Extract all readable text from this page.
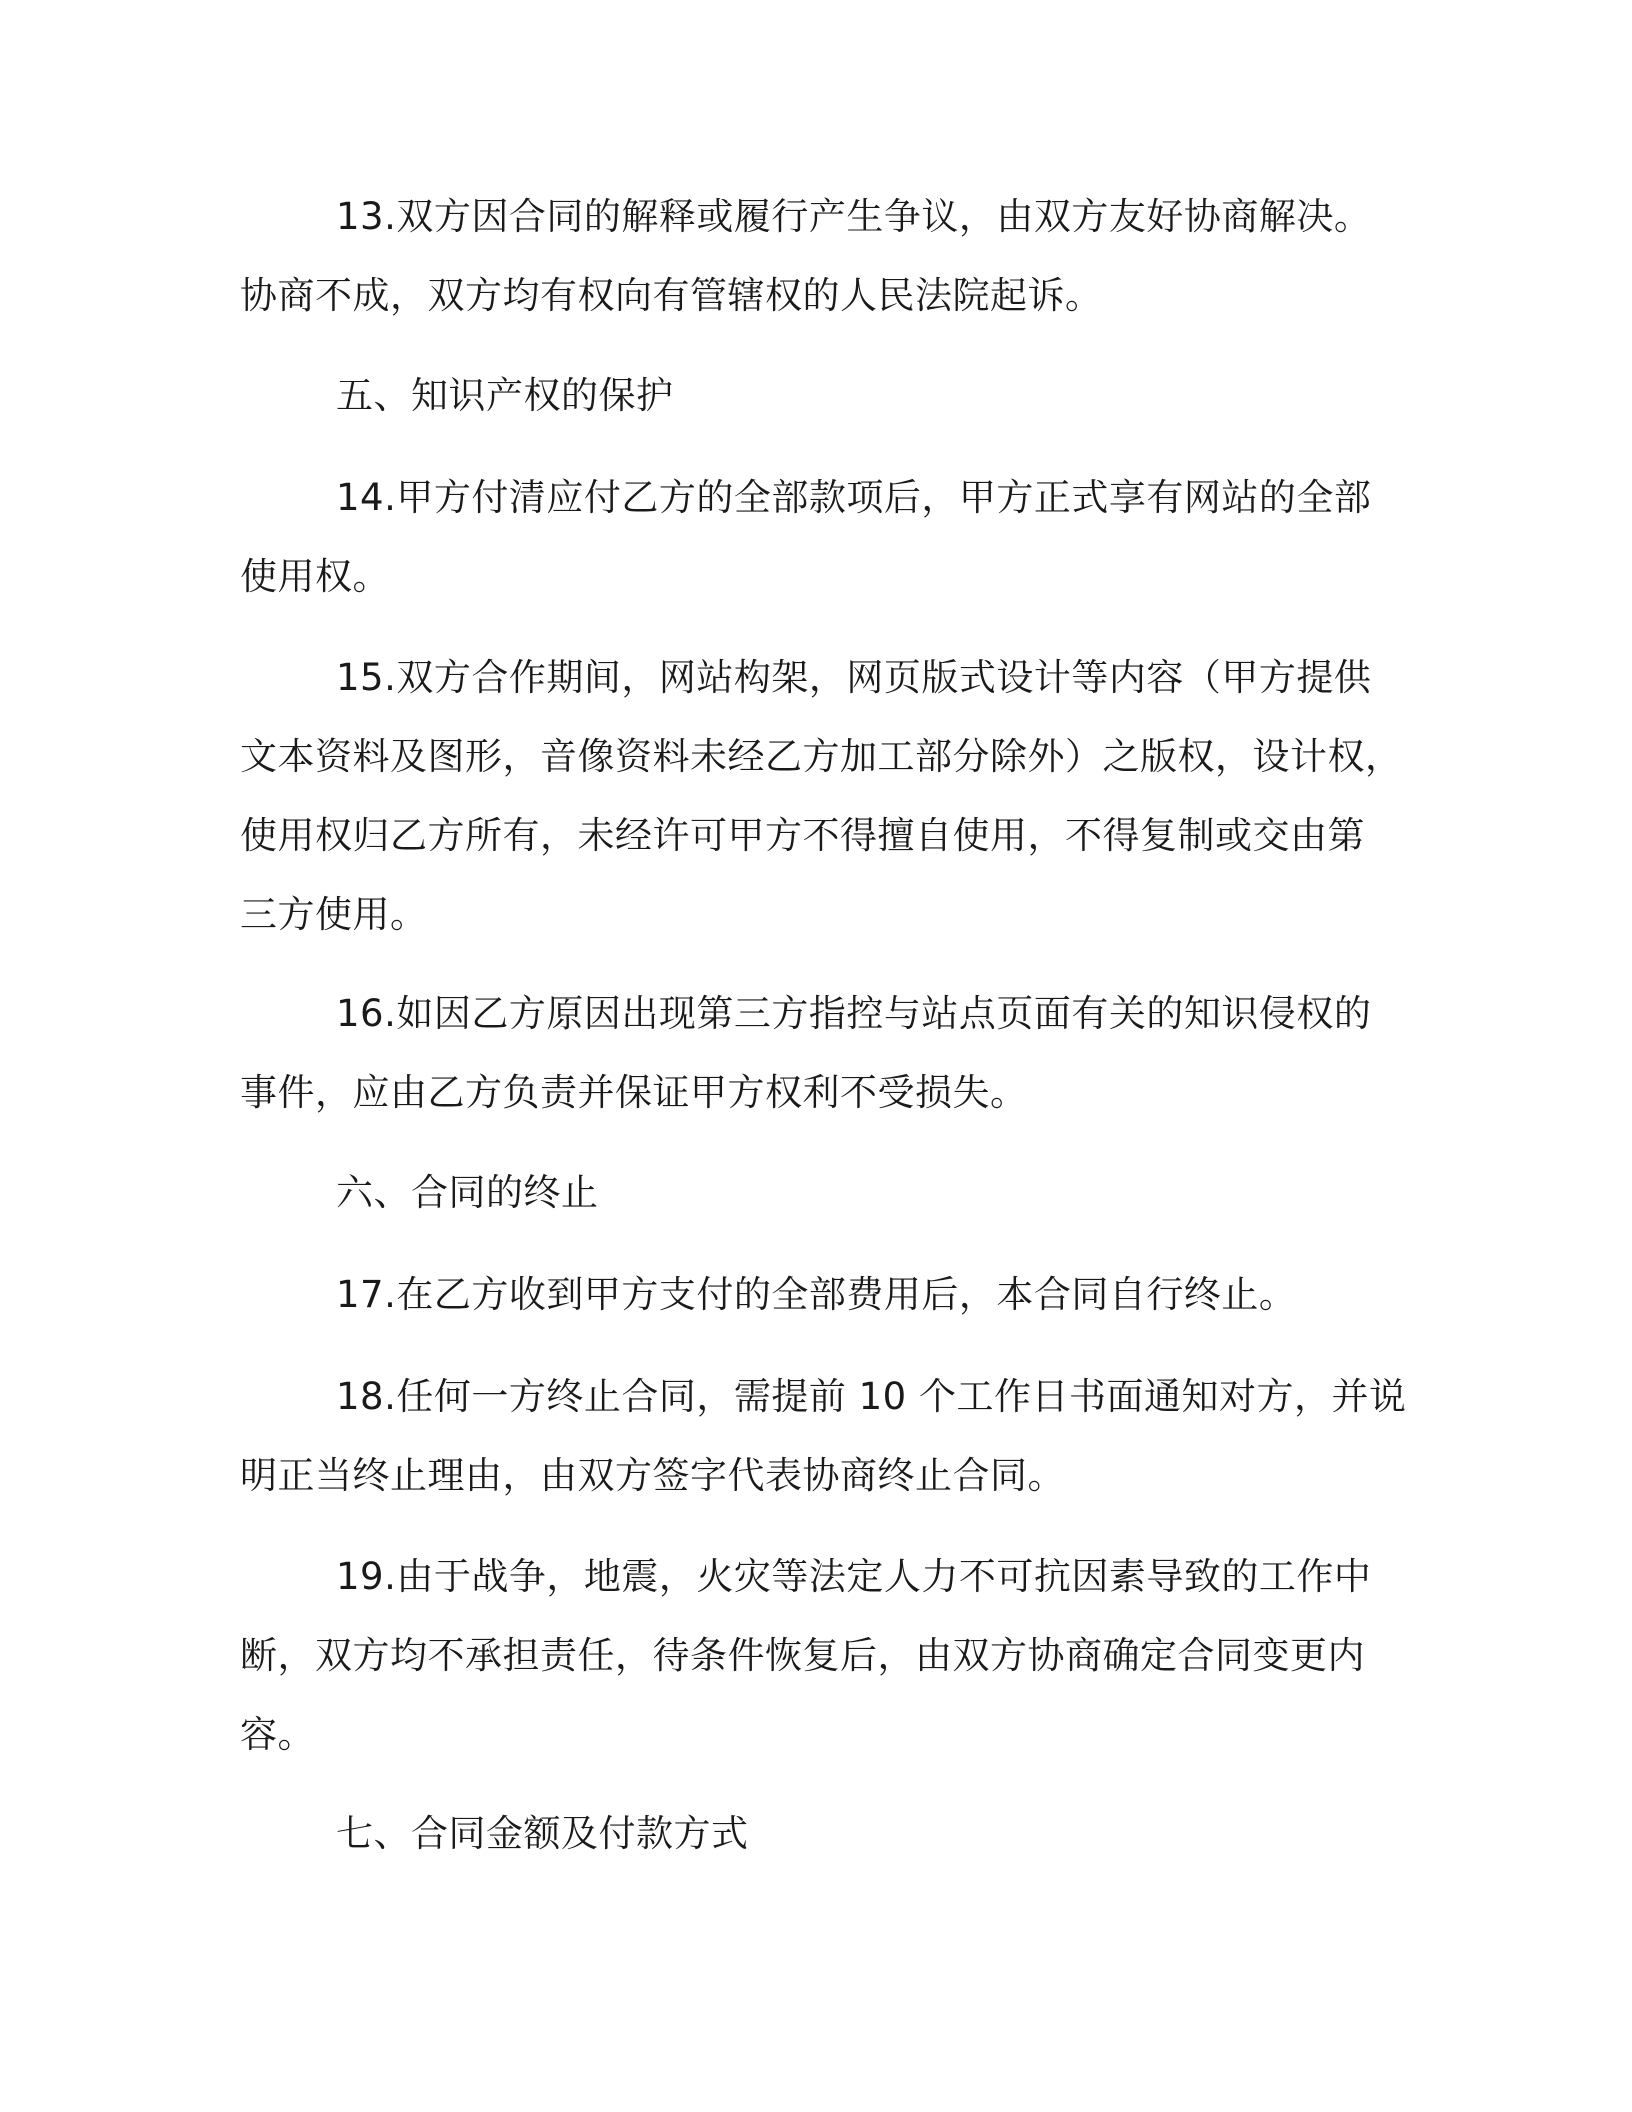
13.双方因合同的解释或履行产生争议，由双方友好协商解决。
协商不成，双方均有权向有管辖权的人民法院起诉。
五、知识产权的保护
14.甲方付清应付乙方的全部款项后，甲方正式享有网站的全部
使用权。
15.双方合作期间，网站构架，网页版式设计等内容（甲方提供
文本资料及图形，音像资料未经乙方加工部分除外）之版权，设计权，
使用权归乙方所有，未经许可甲方不得擅自使用，不得复制或交由第
三方使用。
16.如因乙方原因出现第三方指控与站点页面有关的知识侵权的
事件，应由乙方负责并保证甲方权利不受损失。
六、合同的终止
17.在乙方收到甲方支付的全部费用后，本合同自行终止。
18.任何一方终止合同，需提前 10 个工作日书面通知对方，并说
明正当终止理由，由双方签字代表协商终止合同。
19.由于战争，地震，火灾等法定人力不可抗因素导致的工作中
断，双方均不承担责任，待条件恢复后，由双方协商确定合同变更内
容。
七、合同金额及付款方式
